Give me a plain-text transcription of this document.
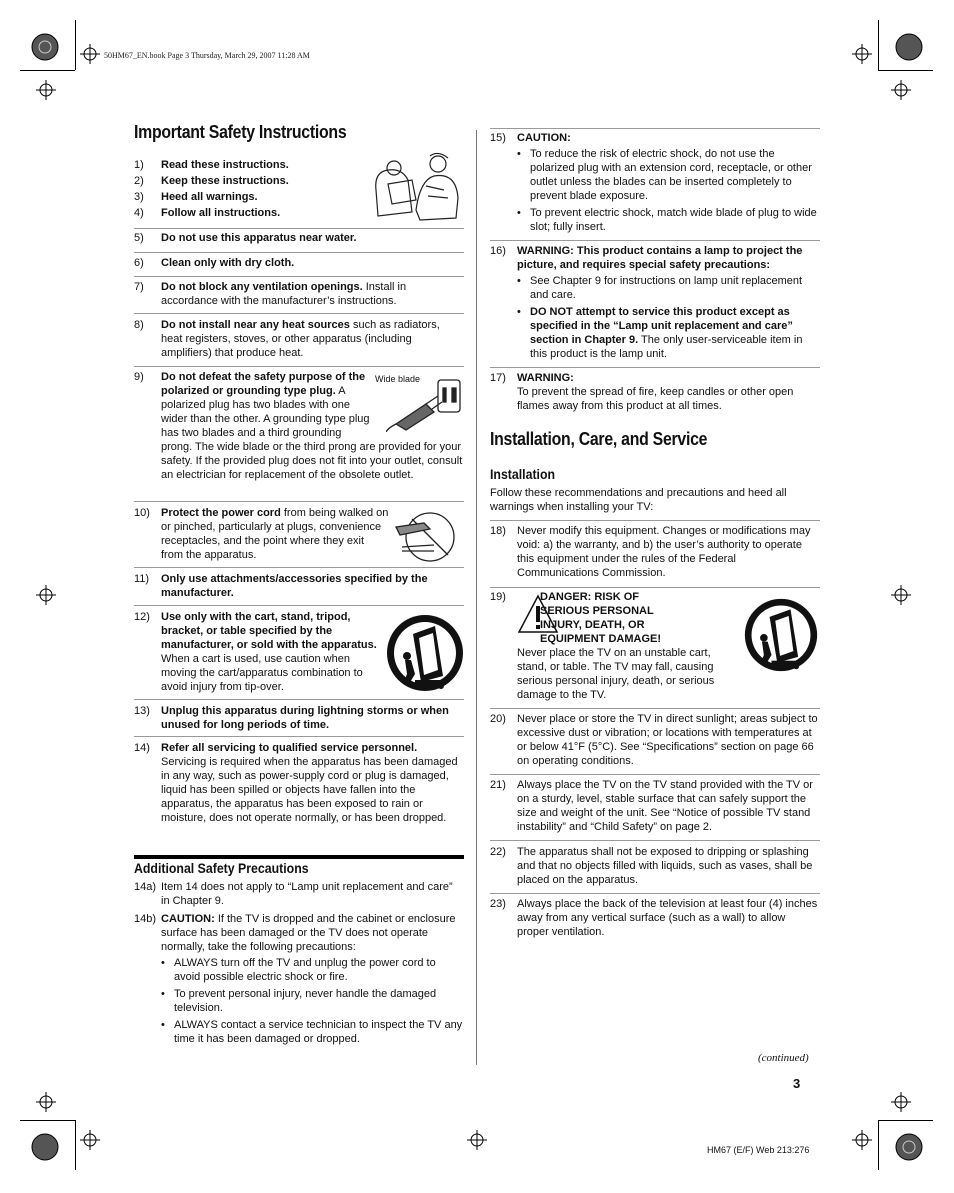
50HM67_EN.book Page 3 Thursday, March 29, 2007 11:28 AM
Important Safety Instructions
1) Read these instructions.
2) Keep these instructions.
3) Heed all warnings.
4) Follow all instructions.
5) Do not use this apparatus near water.
6) Clean only with dry cloth.
7) Do not block any ventilation openings. Install in accordance with the manufacturer’s instructions.
8) Do not install near any heat sources such as radiators, heat registers, stoves, or other apparatus (including amplifiers) that produce heat.
9) Do not defeat the safety purpose of the polarized or grounding type plug. A polarized plug has two blades with one wider than the other. A grounding type plug has two blades and a third grounding prong. The wide blade or the third prong are provided for your safety. If the provided plug does not fit into your outlet, consult an electrician for replacement of the obsolete outlet.
10) Protect the power cord from being walked on or pinched, particularly at plugs, convenience receptacles, and the point where they exit from the apparatus.
11) Only use attachments/accessories specified by the manufacturer.
12) Use only with the cart, stand, tripod, bracket, or table specified by the manufacturer, or sold with the apparatus. When a cart is used, use caution when moving the cart/apparatus combination to avoid injury from tip-over.
13) Unplug this apparatus during lightning storms or when unused for long periods of time.
14) Refer all servicing to qualified service personnel. Servicing is required when the apparatus has been damaged in any way, such as power-supply cord or plug is damaged, liquid has been spilled or objects have fallen into the apparatus, the apparatus has been exposed to rain or moisture, does not operate normally, or has been dropped.
Additional Safety Precautions
14a) Item 14 does not apply to “Lamp unit replacement and care” in Chapter 9.
14b) CAUTION: If the TV is dropped and the cabinet or enclosure surface has been damaged or the TV does not operate normally, take the following precautions:
• ALWAYS turn off the TV and unplug the power cord to avoid possible electric shock or fire.
• To prevent personal injury, never handle the damaged television.
• ALWAYS contact a service technician to inspect the TV any time it has been damaged or dropped.
Wide blade
15) CAUTION:
• To reduce the risk of electric shock, do not use the polarized plug with an extension cord, receptacle, or other outlet unless the blades can be inserted completely to prevent blade exposure.
• To prevent electric shock, match wide blade of plug to wide slot; fully insert.
16) WARNING: This product contains a lamp to project the picture, and requires special safety precautions:
• See Chapter 9 for instructions on lamp unit replacement and care.
• DO NOT attempt to service this product except as specified in the “Lamp unit replacement and care” section in Chapter 9. The only user-serviceable item in this product is the lamp unit.
17) WARNING:
To prevent the spread of fire, keep candles or other open flames away from this product at all times.
Installation, Care, and Service
Installation
Follow these recommendations and precautions and heed all warnings when installing your TV:
18) Never modify this equipment. Changes or modifications may void: a) the warranty, and b) the user’s authority to operate this equipment under the rules of the Federal Communications Commission.
19)	DANGER: RISK OF SERIOUS PERSONAL INJURY, DEATH, OR EQUIPMENT DAMAGE!
Never place the TV on an unstable cart, stand, or table. The TV may fall, causing serious personal injury, death, or serious damage to the TV.
20) Never place or store the TV in direct sunlight; areas subject to excessive dust or vibration; or locations with temperatures at or below 41°F (5°C). See “Specifications” section on page 66 on operating conditions.
21) Always place the TV on the TV stand provided with the TV or on a sturdy, level, stable surface that can safely support the size and weight of the unit. See “Notice of possible TV stand instability” and “Child Safety” on page 2.
22) The apparatus shall not be exposed to dripping or splashing and that no objects filled with liquids, such as vases, shall be placed on the apparatus.
23) Always place the back of the television at least four (4) inches away from any vertical surface (such as a wall) to allow proper ventilation.
(continued)
3
HM67 (E/F) Web 213:276
